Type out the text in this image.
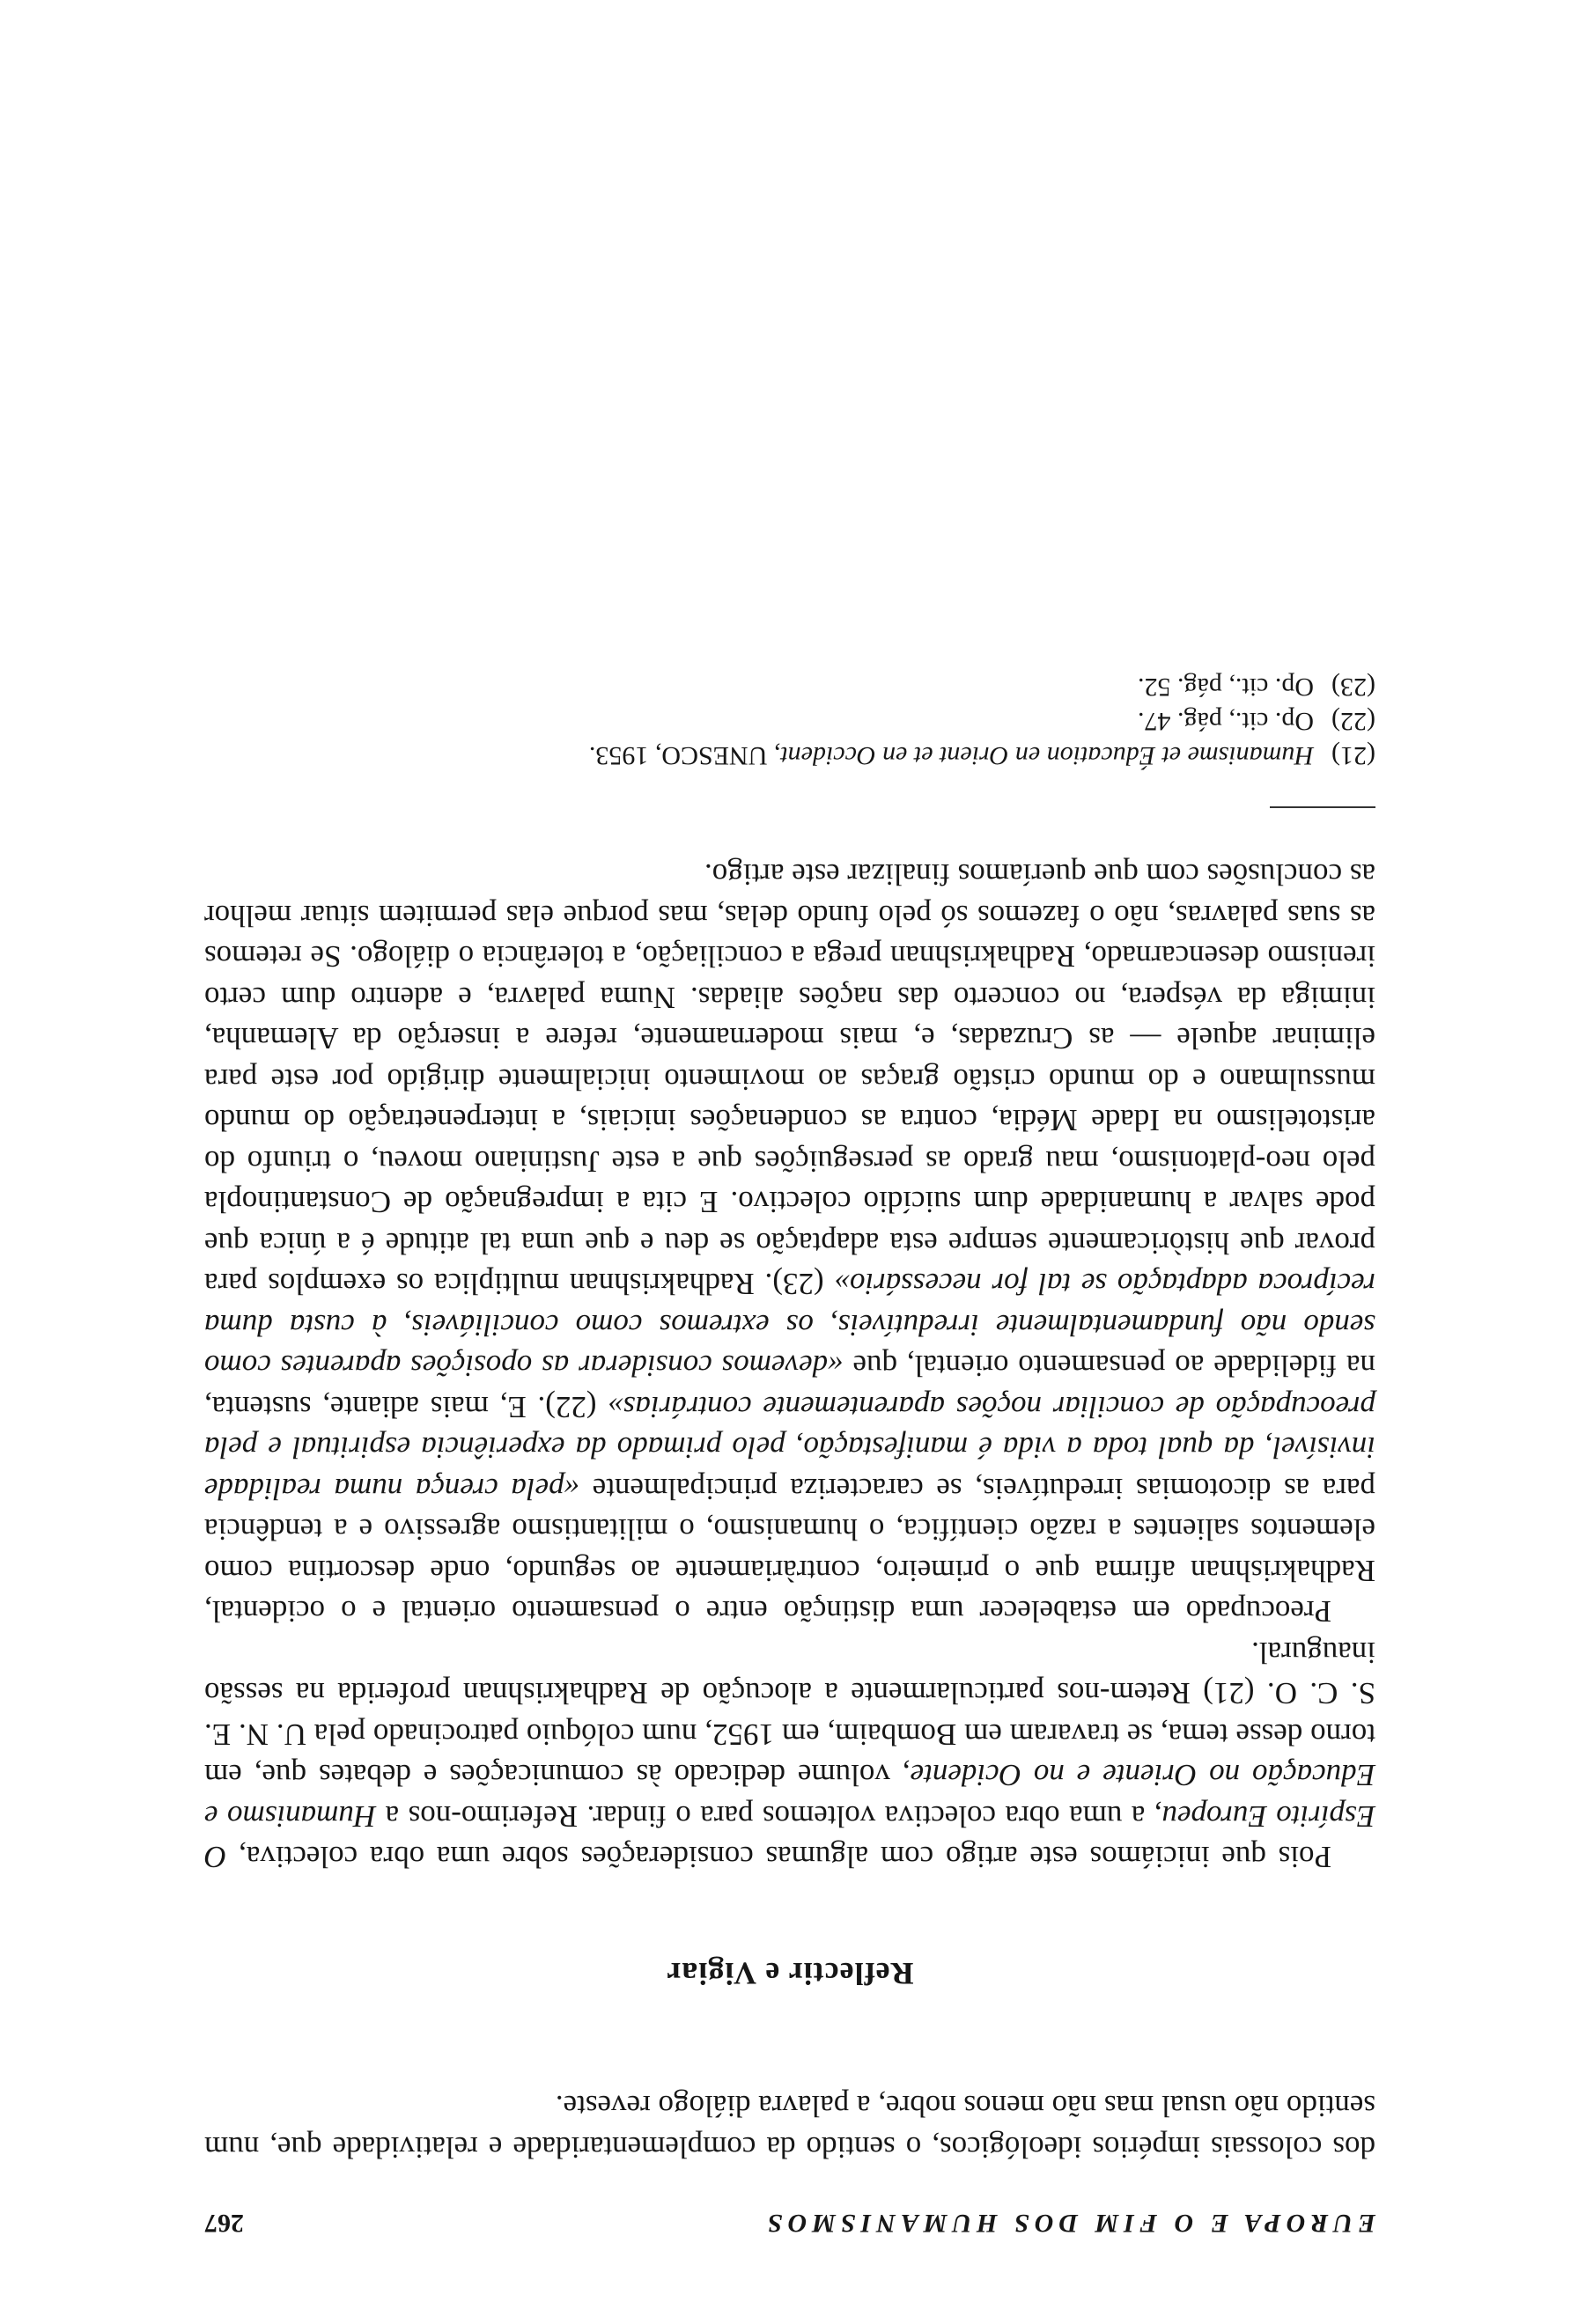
EUROPA E O FIM DOS HUMANISMOS
267

dos colossais impérios ideológicos, o sentido da complementaridade e relatividade que, num sentido não usual mas não menos nobre, a palavra diálogo reveste.

Reflectir e Vigiar

Pois que iniciámos este artigo com algumas considerações sobre uma obra colectiva, O Espírito Europeu, a uma obra colectiva voltemos para o findar. Referimo-nos a Humanismo e Educação no Oriente e no Ocidente, volume dedicado às comunicações e debates que, em torno desse tema, se travaram em Bombaim, em 1952, num colóquio patrocinado pela U. N. E. S. C. O. (21) Retem-nos particularmente a alocução de Radhakrishnan proferida na sessão inaugural.

Preocupado em estabelecer uma distinção entre o pensamento oriental e o ocidental, Radhakrishnan afirma que o primeiro, contràriamente ao segundo, onde descortina como elementos salientes a razão científica, o humanismo, o militantismo agressivo e a tendência para as dicotomias irredutíveis, se caracteriza principalmente «pela crença numa realidade invisível, da qual toda a vida é manifestação, pelo primado da experiência espiritual e pela preocupação de conciliar noções aparentemente contrárias» (22). E, mais adiante, sustenta, na fidelidade ao pensamento oriental, que «devemos considerar as oposições aparentes como sendo não fundamentalmente irredutíveis, os extremos como conciliáveis, à custa duma recíproca adaptação se tal for necessário» (23). Radhakrishnan multiplica os exemplos para provar que històricamente sempre esta adaptação se deu e que uma tal atitude é a única que pode salvar a humanidade dum suicídio colectivo. E cita a impregnação de Constantinopla pelo neo-platonismo, mau grado as perseguições que a este Justiniano moveu, o triunfo do aristotelismo na Idade Média, contra as condenações iniciais, a interpenetração do mundo mussulmano e do mundo cristão graças ao movimento inicialmente dirigido por este para eliminar aquele — as Cruzadas, e, mais modernamente, refere a inserção da Alemanha, inimiga da véspera, no concerto das nações aliadas. Numa palavra, e adentro dum certo irenismo desencarnado, Radhakrishnan prega a conciliação, a tolerância o diálogo. Se retemos as suas palavras, não o fazemos só pelo fundo delas, mas porque elas permitem situar melhor as conclusões com que queríamos finalizar este artigo.

(21)
Humanisme et Éducation en Orient et en Occident, UNESCO, 1953.
(22)
Op. cit., pág. 47.
(23)
Op. cit., pág. 52.
